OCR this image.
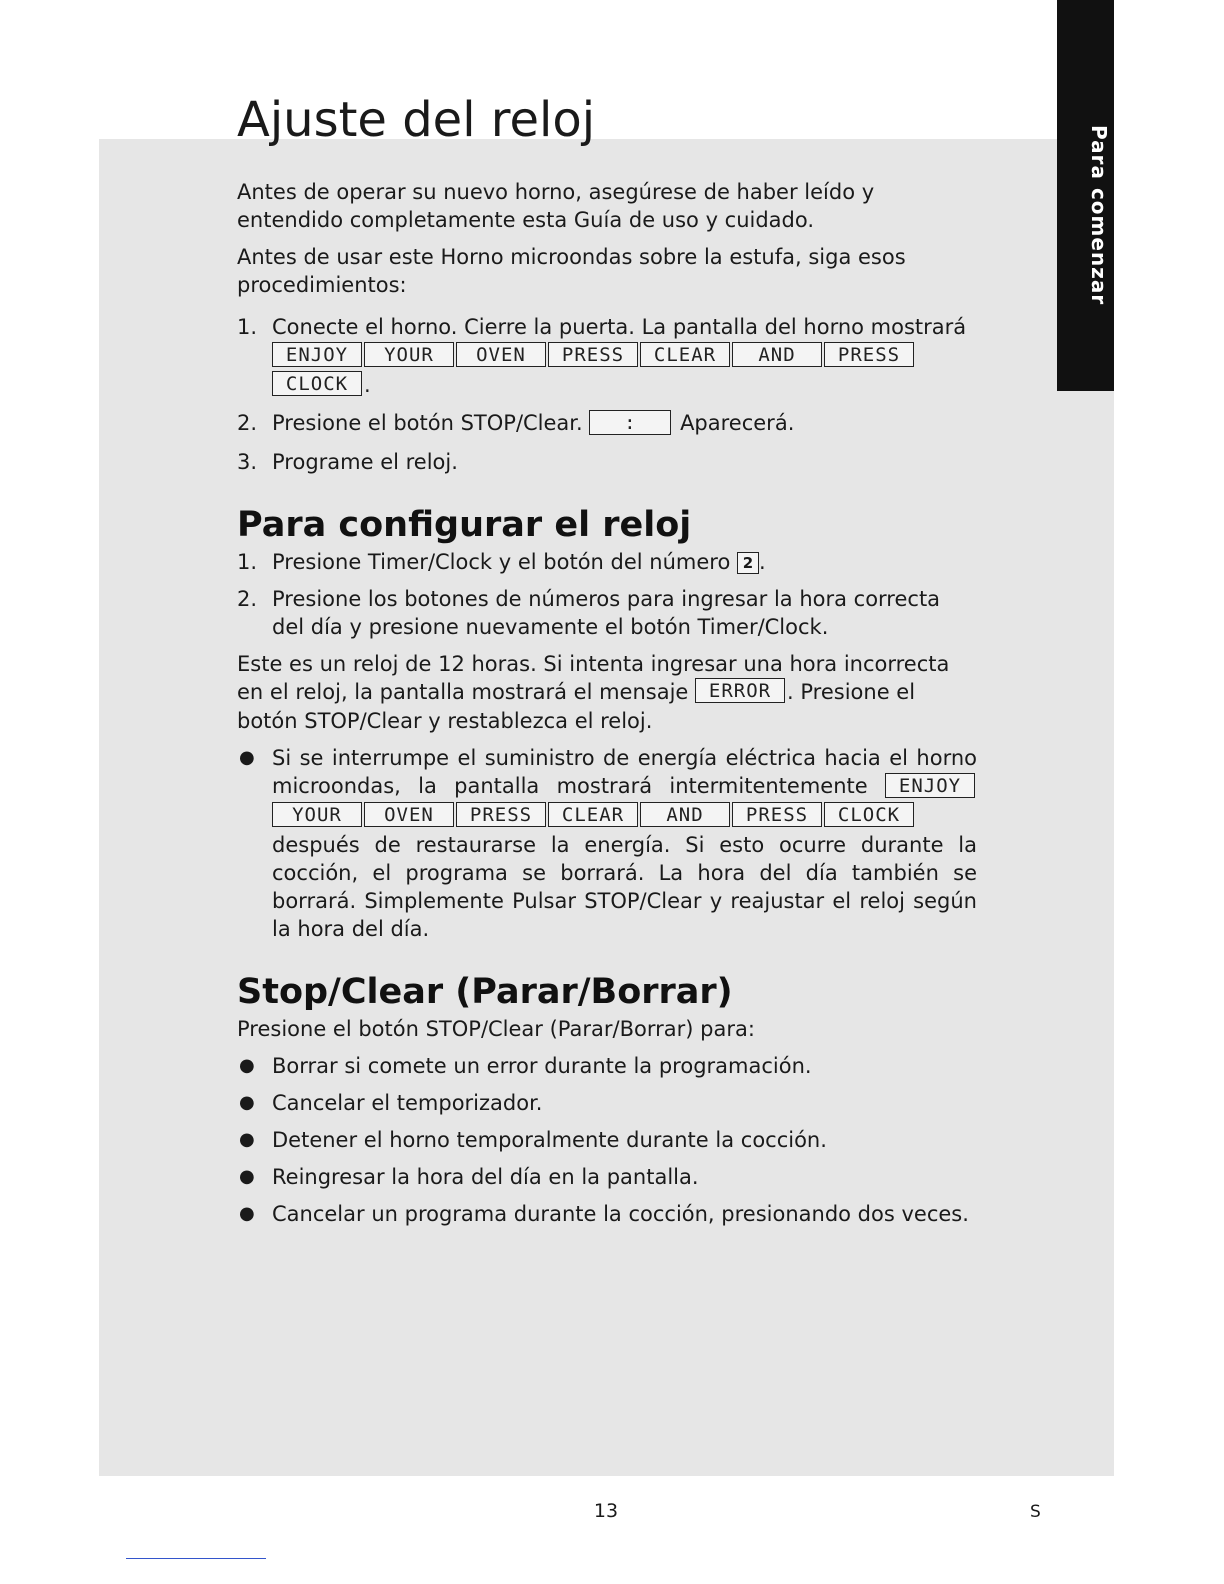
Para comenzar
Ajuste del reloj

Antes de operar su nuevo horno, asegúrese de haber leído y entendido completamente esta Guía de uso y cuidado.

Antes de usar este Horno microondas sobre la estufa, siga esos procedimientos:

1. Conecte el horno. Cierre la puerta. La pantalla del horno mostrará
ENJOY YOUR OVEN PRESS CLEAR AND PRESSCLOCK .
2. Presione el botón STOP/Clear. : Aparecerá.
3. Programe el reloj.
Para configurar el reloj
1. Presione Timer/Clock y el botón del número 2 .
2. Presione los botones de números para ingresar la hora correcta del día y presione nuevamente el botón Timer/Clock.

Este es un reloj de 12 horas. Si intenta ingresar una hora incorrecta en el reloj, la pantalla mostrará el mensaje ERROR . Presione el botón STOP/Clear y restablezca el reloj.

● Si se interrumpe el suministro de energía eléctrica hacia el horno microondas, la pantalla mostrará intermitentemente ENJOYYOUR OVEN PRESS CLEAR AND PRESS CLOCK después de restaurarse la energía. Si esto ocurre durante la cocción, el programa se borrará. La hora del día también se borrará. Simplemente Pulsar STOP/Clear y reajustar el reloj según la hora del día.
Stop/Clear (Parar/Borrar)

Presione el botón STOP/Clear (Parar/Borrar) para:

● Borrar si comete un error durante la programación.
● Cancelar el temporizador.
● Detener el horno temporalmente durante la cocción.
● Reingresar la hora del día en la pantalla.
● Cancelar un programa durante la cocción, presionando dos veces.
13	S
